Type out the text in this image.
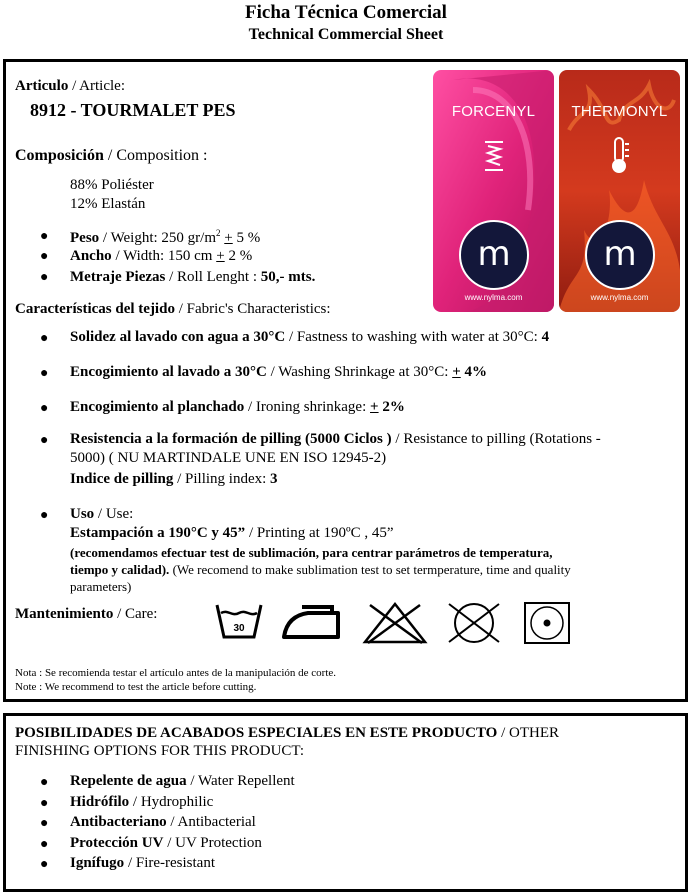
Ficha Técnica Comercial
Technical Commercial Sheet
Articulo / Article:
8912 - TOURMALET PES
Composición / Composition :
88% Poliéster
12% Elastán
● Peso / Weight: 250 $gr/m^2 + 5$ %
● Ancho / Width: 150 cm + 2 %
● Metraje Piezas / Roll Lenght : 50,- mts.
FORCENYL
m
www.nylma.com
THERMONYL
m
www.nylma.com
Características del tejido / Fabric's Characteristics:
● Solidez al lavado con agua a 30°C / Fastness to washing with water at 30°C: 4
● Encogimiento al lavado a 30°C / Washing Shrinkage at 30°C: + 4%
● Encogimiento al planchado / Ironing shrinkage: + 2%
● Resistencia a la formación de pilling (5000 Ciclos ) / Resistance to pilling (Rotations -
5000) ( NU MARTINDALE UNE EN ISO 12945-2)
Indice de pilling / Pilling index: 3
● Uso / Use:
Estampación a 190°C y 45” / Printing at 190ºC , 45”
(recomendamos efectuar test de sublimación, para centrar parámetros de temperatura,
tiempo y calidad). (We recomend to make sublimation test to set termperature, time and quality
parameters)
Mantenimiento / Care:
30
Nota : Se recomienda testar el artículo antes de la manipulación de corte.
Note : We recommend to test the article before cutting.
POSIBILIDADES DE ACABADOS ESPECIALES EN ESTE PRODUCTO / OTHER
FINISHING OPTIONS FOR THIS PRODUCT:
● Repelente de agua / Water Repellent
● Hidrófilo / Hydrophilic
● Antibacteriano / Antibacterial
● Protección UV / UV Protection
● Ignífugo / Fire-resistant
